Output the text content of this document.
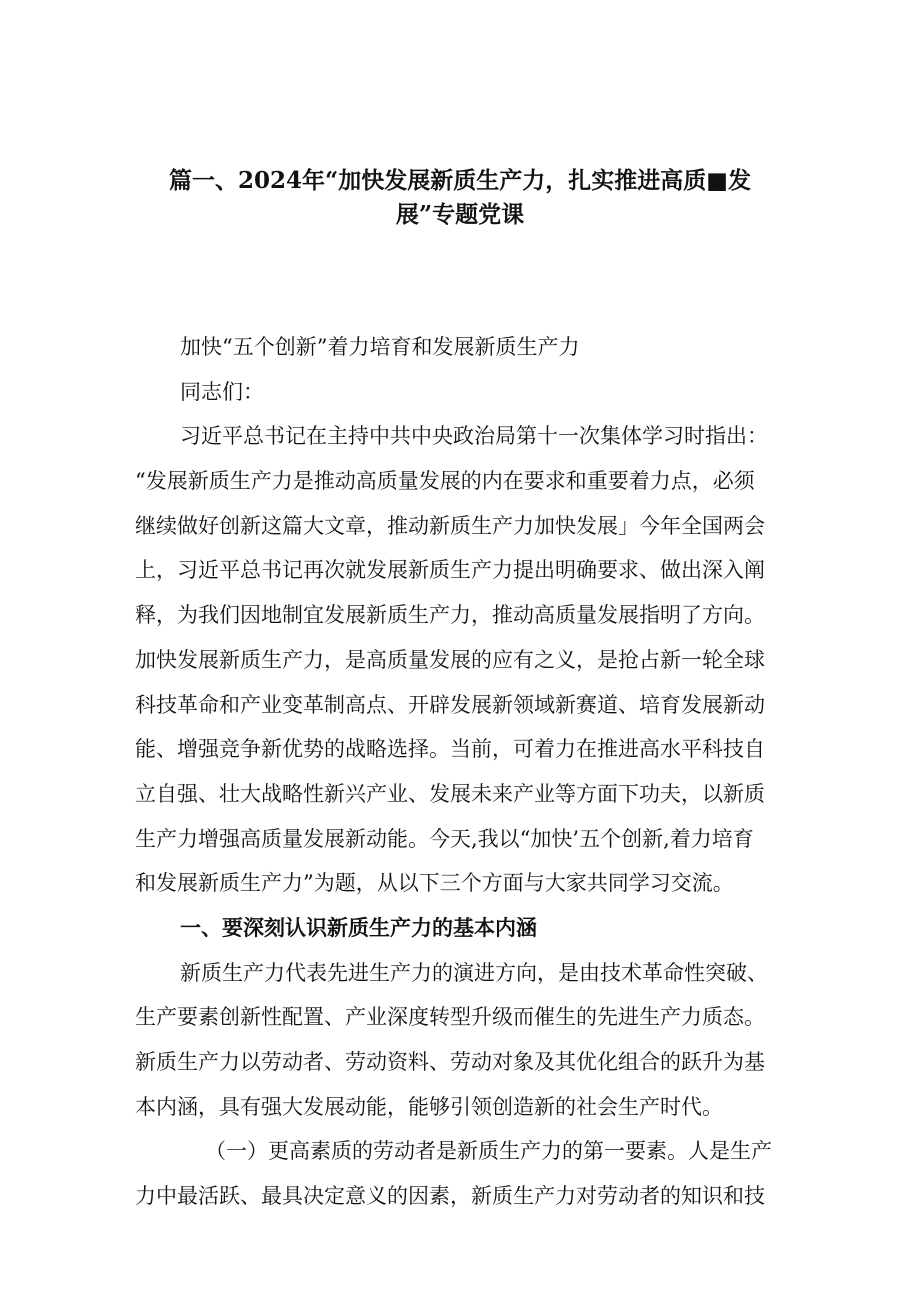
篇一、2024年“加快发展新质生产力，扎实推进高质■发
展”专题党课
加快“五个创新”着力培育和发展新质生产力
同志们：
习近平总书记在主持中共中央政治局第十一次集体学习时指出：
“发展新质生产力是推动高质量发展的内在要求和重要着力点，必须
继续做好创新这篇大文章，推动新质生产力加快发展」今年全国两会
上，习近平总书记再次就发展新质生产力提出明确要求、做出深入阐
释，为我们因地制宜发展新质生产力，推动高质量发展指明了方向。
加快发展新质生产力，是高质量发展的应有之义，是抢占新一轮全球
科技革命和产业变革制高点、开辟发展新领域新赛道、培育发展新动
能、增强竞争新优势的战略选择。当前，可着力在推进高水平科技自
立自强、壮大战略性新兴产业、发展未来产业等方面下功夫，以新质
生产力增强高质量发展新动能。今天,我以“加快’五个创新,着力培育
和发展新质生产力”为题，从以下三个方面与大家共同学习交流。
一、要深刻认识新质生产力的基本内涵
新质生产力代表先进生产力的演进方向，是由技术革命性突破、
生产要素创新性配置、产业深度转型升级而催生的先进生产力质态。
新质生产力以劳动者、劳动资料、劳动对象及其优化组合的跃升为基
本内涵，具有强大发展动能，能够引领创造新的社会生产时代。
（一）更高素质的劳动者是新质生产力的第一要素。人是生产
力中最活跃、最具决定意义的因素，新质生产力对劳动者的知识和技
